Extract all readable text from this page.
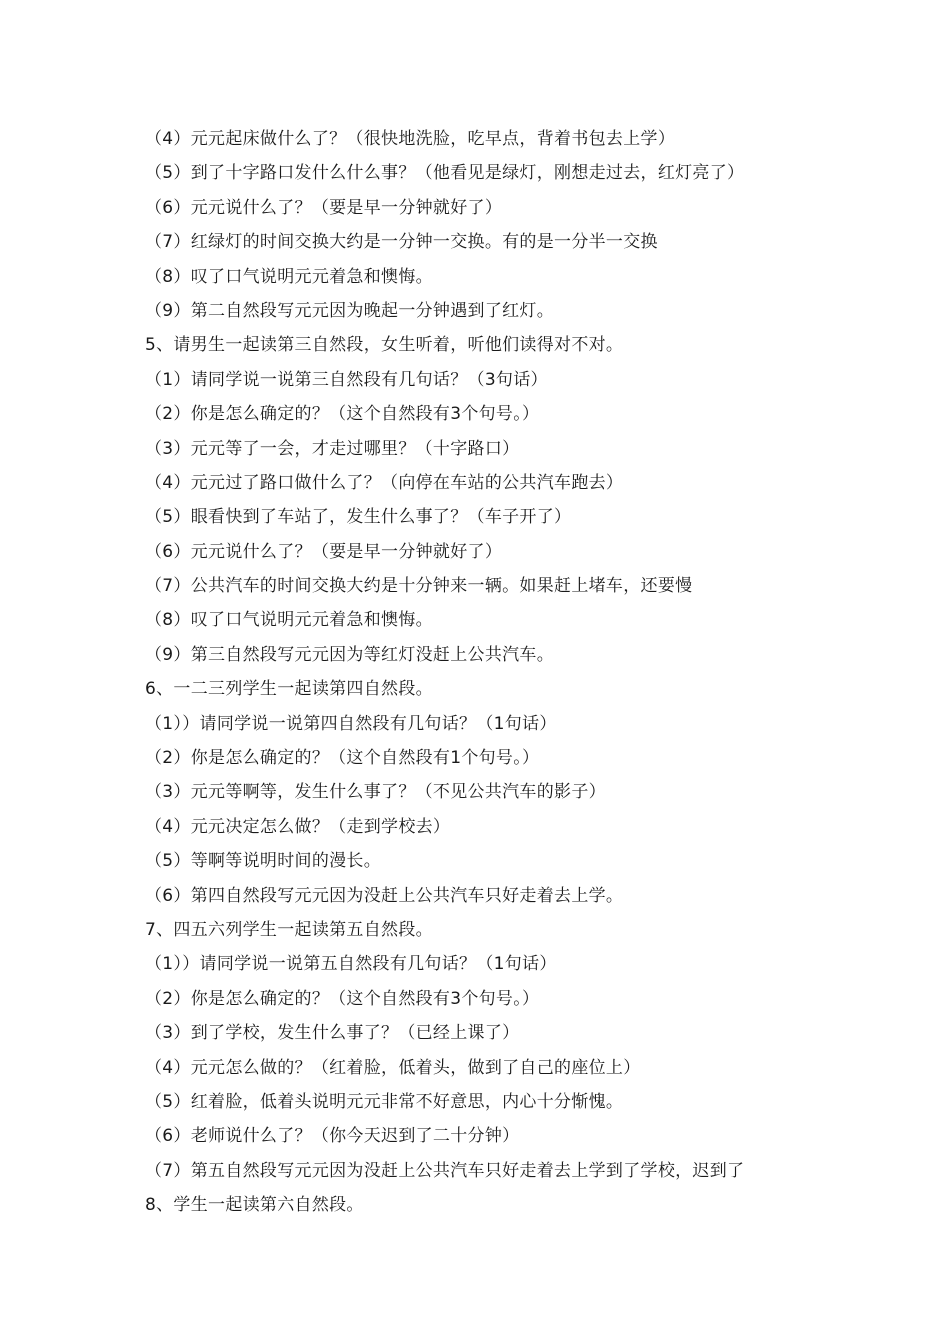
（4）元元起床做什么了？（很快地洗脸，吃早点，背着书包去上学）
（5）到了十字路口发什么什么事？（他看见是绿灯，刚想走过去，红灯亮了）
（6）元元说什么了？（要是早一分钟就好了）
（7）红绿灯的时间交换大约是一分钟一交换。有的是一分半一交换
（8）叹了口气说明元元着急和懊悔。
（9）第二自然段写元元因为晚起一分钟遇到了红灯。
5、请男生一起读第三自然段，女生听着，听他们读得对不对。
（1）请同学说一说第三自然段有几句话？（3句话）
（2）你是怎么确定的？（这个自然段有3个句号。）
（3）元元等了一会，才走过哪里？（十字路口）
（4）元元过了路口做什么了？（向停在车站的公共汽车跑去）
（5）眼看快到了车站了，发生什么事了？（车子开了）
（6）元元说什么了？（要是早一分钟就好了）
（7）公共汽车的时间交换大约是十分钟来一辆。如果赶上堵车，还要慢
（8）叹了口气说明元元着急和懊悔。
（9）第三自然段写元元因为等红灯没赶上公共汽车。
6、一二三列学生一起读第四自然段。
（1））请同学说一说第四自然段有几句话？（1句话）
（2）你是怎么确定的？（这个自然段有1个句号。）
（3）元元等啊等，发生什么事了？（不见公共汽车的影子）
（4）元元决定怎么做？（走到学校去）
（5）等啊等说明时间的漫长。
（6）第四自然段写元元因为没赶上公共汽车只好走着去上学。
7、四五六列学生一起读第五自然段。
（1））请同学说一说第五自然段有几句话？（1句话）
（2）你是怎么确定的？（这个自然段有3个句号。）
（3）到了学校，发生什么事了？（已经上课了）
（4）元元怎么做的？（红着脸，低着头，做到了自己的座位上）
（5）红着脸，低着头说明元元非常不好意思，内心十分惭愧。
（6）老师说什么了？（你今天迟到了二十分钟）
（7）第五自然段写元元因为没赶上公共汽车只好走着去上学到了学校，迟到了
8、学生一起读第六自然段。
